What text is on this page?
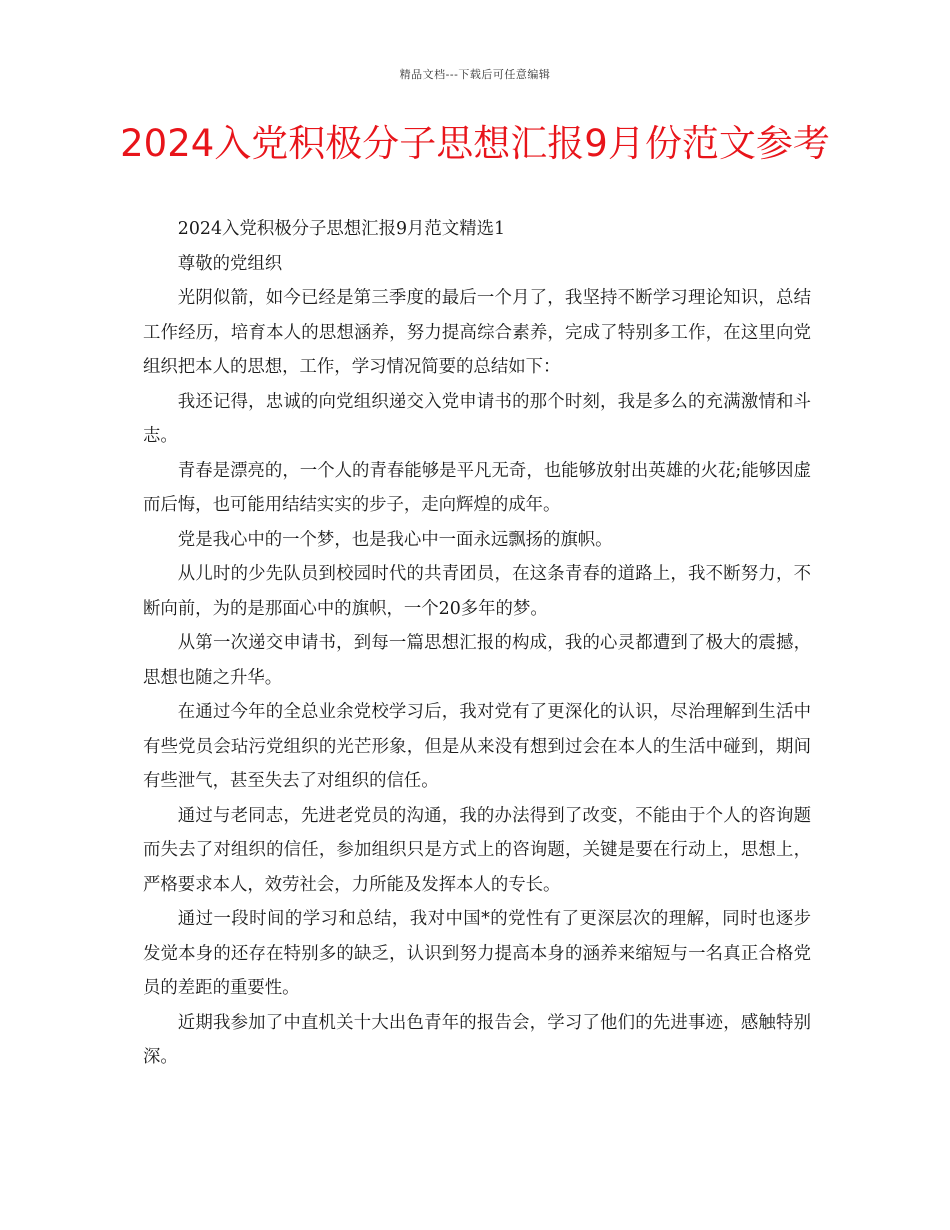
精品文档---下载后可任意编辑
2024入党积极分子思想汇报9月份范文参考

2024入党积极分子思想汇报9月范文精选1

尊敬的党组织

光阴似箭，如今已经是第三季度的最后一个月了，我坚持不断学习理论知识，总结工作经历，培育本人的思想涵养，努力提高综合素养，完成了特别多工作，在这里向党组织把本人的思想，工作，学习情况简要的总结如下：

我还记得，忠诚的向党组织递交入党申请书的那个时刻，我是多么的充满激情和斗志。

青春是漂亮的，一个人的青春能够是平凡无奇，也能够放射出英雄的火花;能够因虚而后悔，也可能用结结实实的步子，走向辉煌的成年。

党是我心中的一个梦，也是我心中一面永远飘扬的旗帜。

从儿时的少先队员到校园时代的共青团员，在这条青春的道路上，我不断努力，不断向前，为的是那面心中的旗帜，一个20多年的梦。

从第一次递交申请书，到每一篇思想汇报的构成，我的心灵都遭到了极大的震撼，思想也随之升华。

在通过今年的全总业余党校学习后，我对党有了更深化的认识，尽治理解到生活中有些党员会玷污党组织的光芒形象，但是从来没有想到过会在本人的生活中碰到，期间有些泄气，甚至失去了对组织的信任。

通过与老同志，先进老党员的沟通，我的办法得到了改变，不能由于个人的咨询题而失去了对组织的信任，参加组织只是方式上的咨询题，关键是要在行动上，思想上，严格要求本人，效劳社会，力所能及发挥本人的专长。

通过一段时间的学习和总结，我对中国*的党性有了更深层次的理解，同时也逐步发觉本身的还存在特别多的缺乏，认识到努力提高本身的涵养来缩短与一名真正合格党员的差距的重要性。

近期我参加了中直机关十大出色青年的报告会，学习了他们的先进事迹，感触特别深。
